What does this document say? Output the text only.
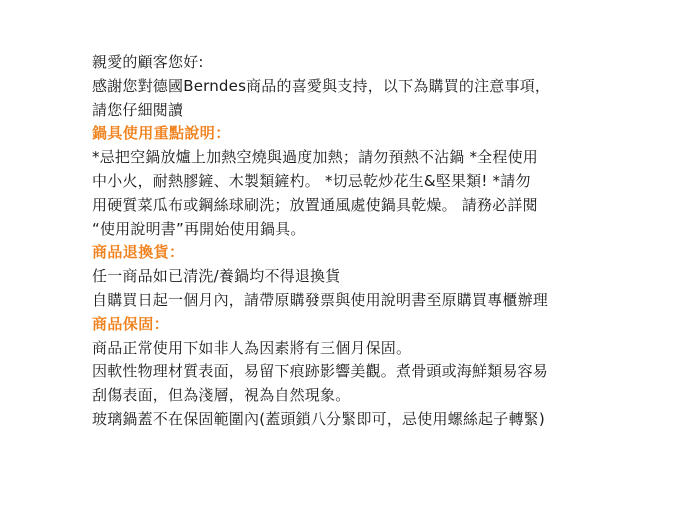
親愛的顧客您好:
感謝您對德國Berndes商品的喜愛與支持，以下為購買的注意事項，
請您仔細閱讀
鍋具使用重點說明：
*忌把空鍋放爐上加熱空燒與過度加熱；請勿預熱不沾鍋 *全程使用
中小火，耐熱膠鏟、木製類鏟杓。 *切忌乾炒花生&堅果類! *請勿
用硬質菜瓜布或鋼絲球刷洗；放置通風處使鍋具乾燥。 請務必詳閱
“使用說明書”再開始使用鍋具。
商品退換貨：
任一商品如已清洗/養鍋均不得退換貨
自購買日起一個月內，請帶原購發票與使用說明書至原購買專櫃辦理
商品保固：
商品正常使用下如非人為因素將有三個月保固。
因軟性物理材質表面，易留下痕跡影響美觀。煮骨頭或海鮮類易容易
刮傷表面，但為淺層，視為自然現象。
玻璃鍋蓋不在保固範圍內(蓋頭鎖八分緊即可，忌使用螺絲起子轉緊)
